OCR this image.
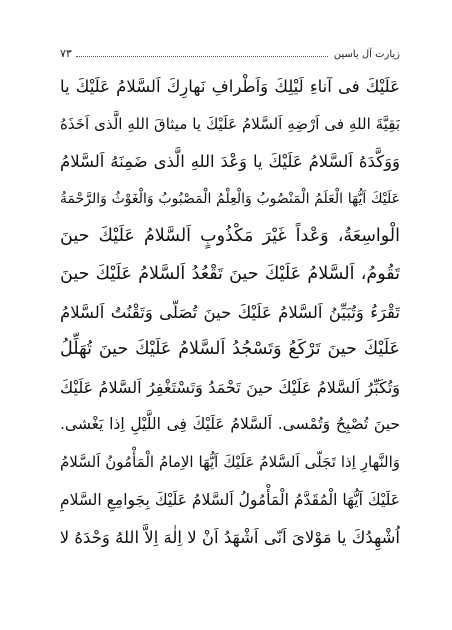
زيارت آل ياسين
٧٣
عَلَيْكَ فى آناءِ لَيْلِكَ وَاَطْرافِ نَهارِكَ اَلسَّلامُ عَلَيْكَ يا
بَقِيَّةَ اللهِ فى اَرْضِهِ اَلسَّلامُ عَلَيْكَ يا ميثاقَ اللهِ الَّذى اَخَذَهُ
وَوَكَّدَهُ اَلسَّلامُ عَلَيْكَ يا وَعْدَ اللهِ الَّذى ضَمِنَهُ اَلسَّلامُ
عَلَيْكَ اَيُّهَا الْعَلَمُ الْمَنْصُوبُ وَالْعِلْمُ الْمَصْبُوبُ وَالْغَوْثُ وَالرَّحْمَةُ
الْواسِعَةُ، وَعْداً غَيْرَ مَكْذُوبٍ اَلسَّلامُ عَلَيْكَ حينَ
تَقُومُ، اَلسَّلامُ عَلَيْكَ حينَ تَقْعُدُ اَلسَّلامُ عَلَيْكَ حينَ
تَقْرَءُ وَتُبَيِّنُ اَلسَّلامُ عَلَيْكَ حينَ تُصَلّى وَتَقْنُتُ اَلسَّلامُ
عَلَيْكَ حينَ تَرْكَعُ وَتَسْجُدُ اَلسَّلامُ عَلَيْكَ حينَ تُهَلِّلُ
وَتُكَبِّرُ اَلسَّلامُ عَلَيْكَ حينَ تَحْمَدُ وَتَسْتَغْفِرُ اَلسَّلامُ عَلَيْكَ
حينَ تُصْبِحُ وَتُمْسى. اَلسَّلامُ عَلَيْكَ فِى اللَّيْلِ اِذا يَغْشى.
وَالنَّهارِ اِذا تَجَلّى اَلسَّلامُ عَلَيْكَ اَيُّهَا الاِمامُ الْمَأْمُونُ اَلسَّلامُ
عَلَيْكَ اَيُّهَا الْمُقَدَّمُ الْمَأْمُولُ اَلسَّلامُ عَلَيْكَ بِجَوامِعِ السَّلامِ
اُشْهِدُكَ يا مَوْلاىَ اَنّى اَشْهَدُ اَنْ لا اِلٰهَ اِلاَّ اللهُ وَحْدَهُ لا
